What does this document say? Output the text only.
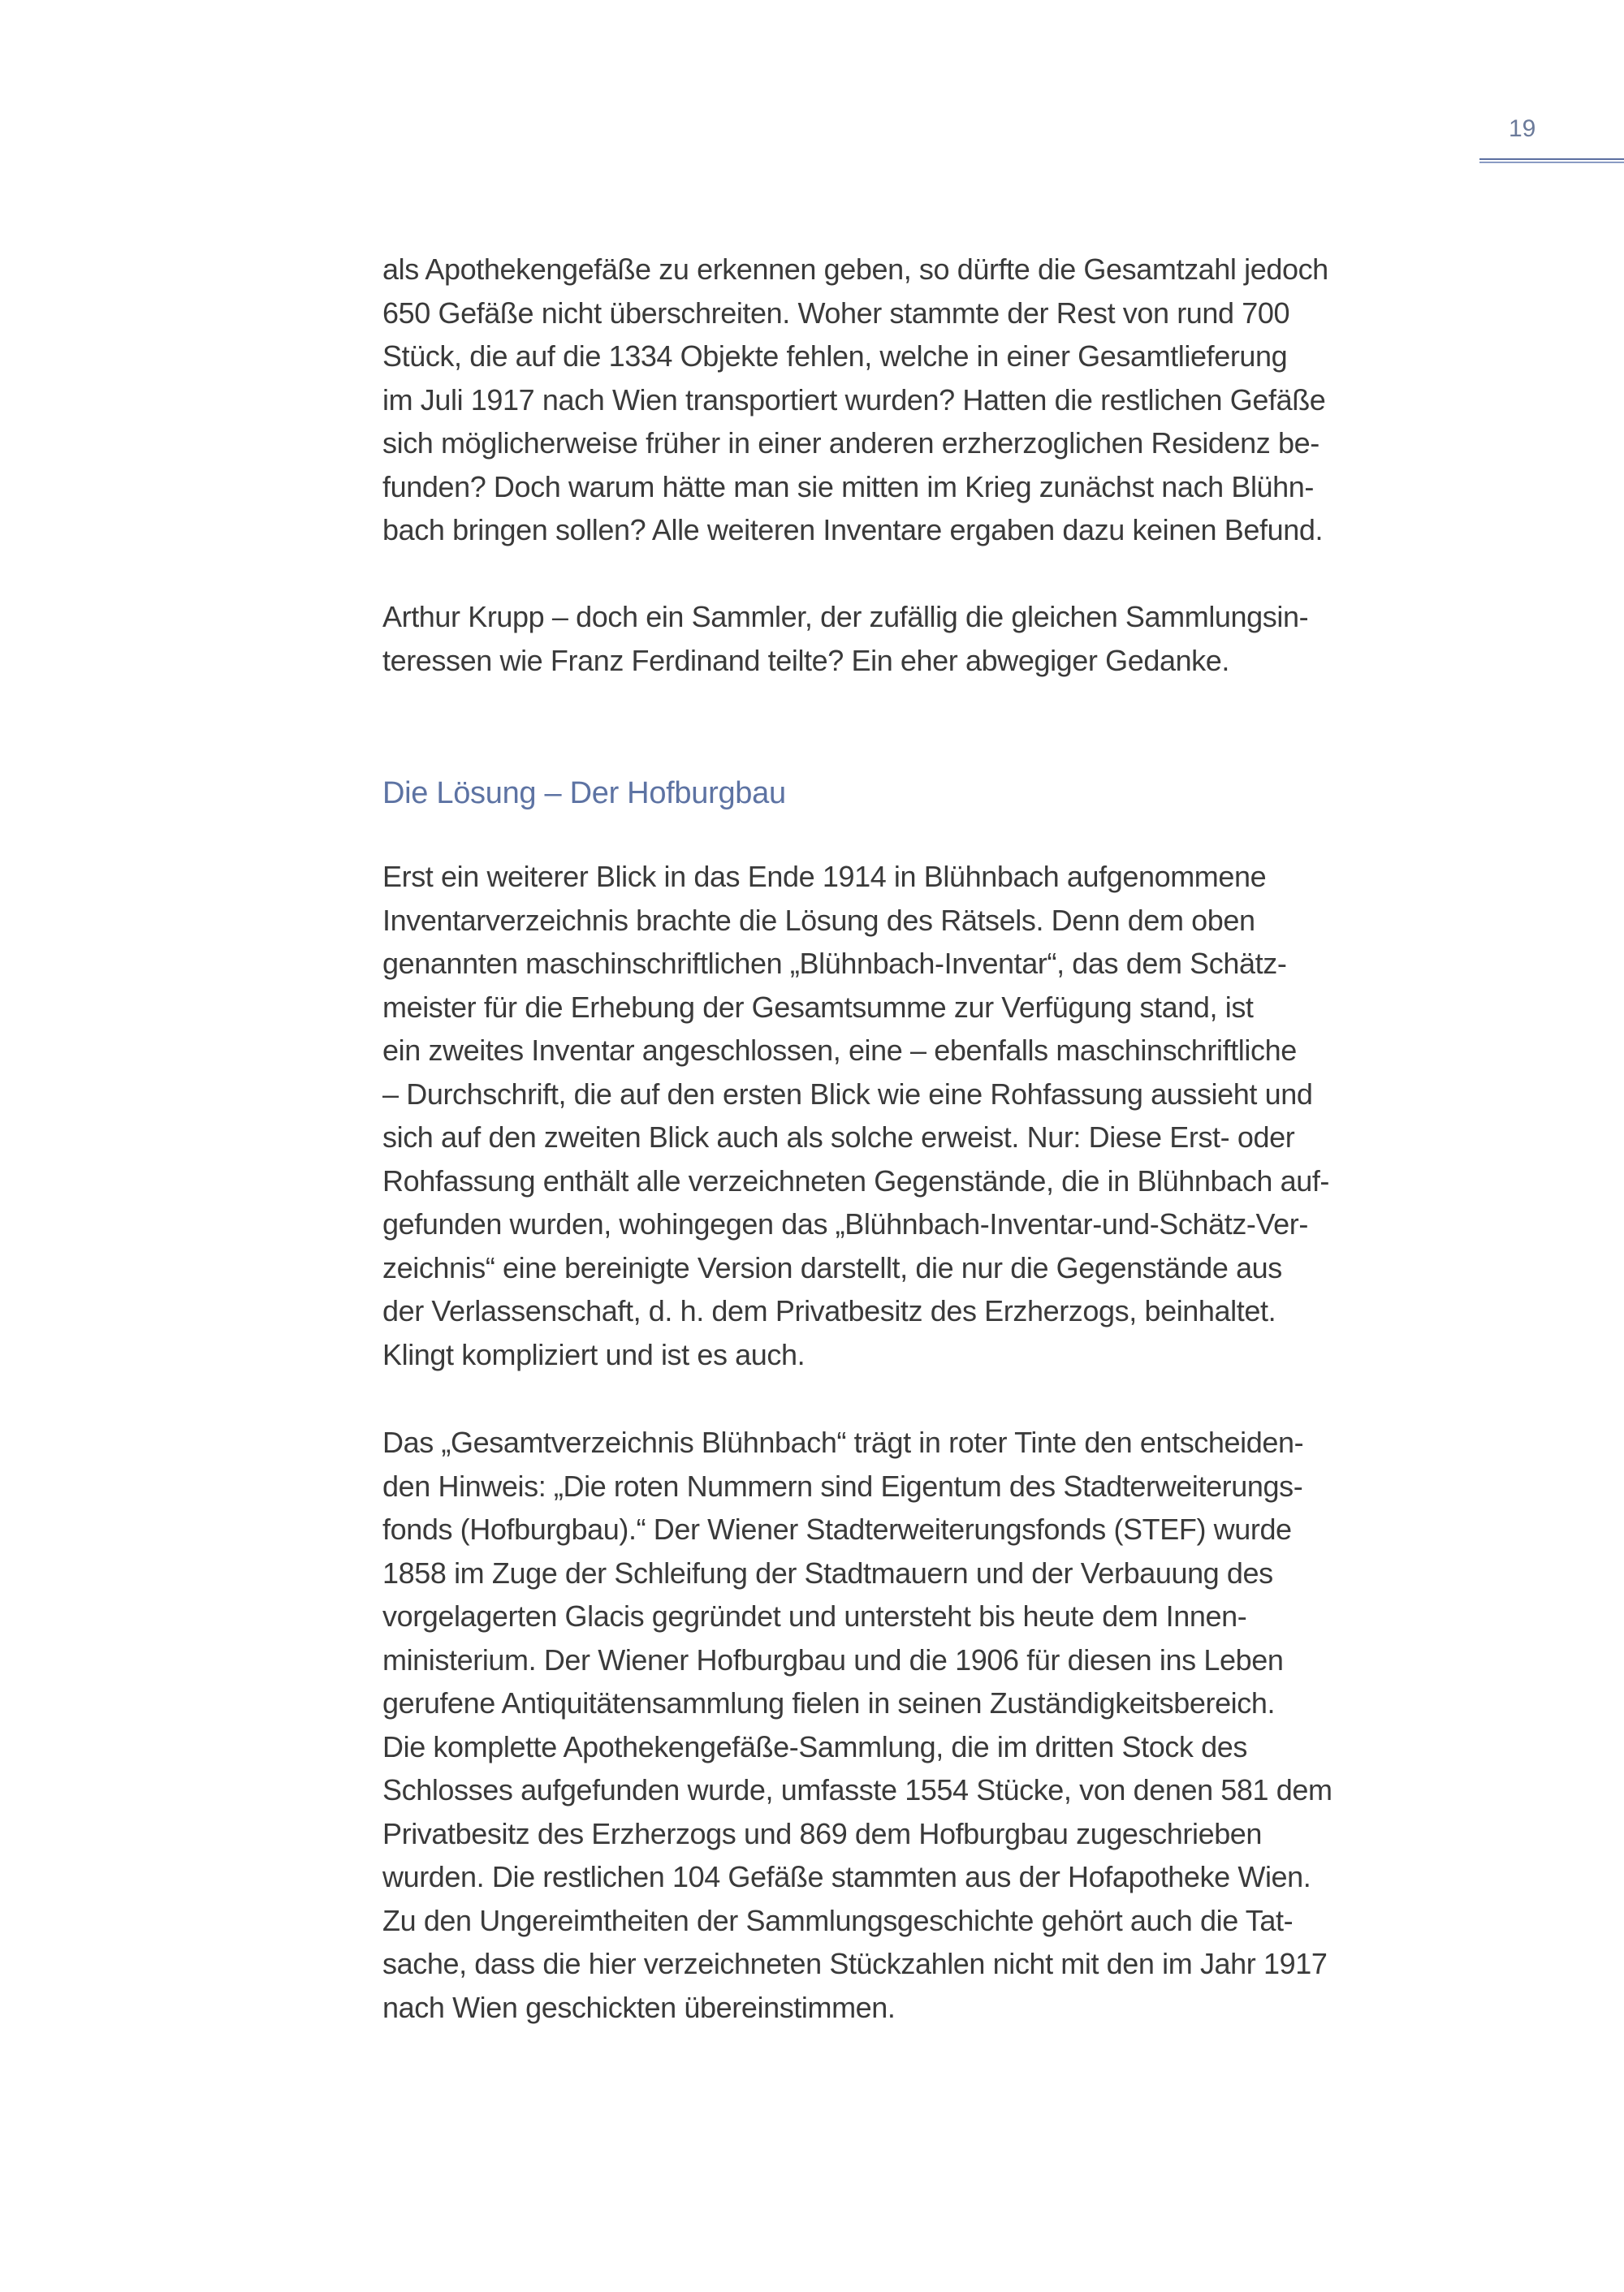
19
als Apothekengefäße zu erkennen geben, so dürfte die Gesamtzahl jedoch
650 Gefäße nicht überschreiten. Woher stammte der Rest von rund 700
Stück, die auf die 1334 Objekte fehlen, welche in einer Gesamtlieferung
im Juli 1917 nach Wien transportiert wurden? Hatten die restlichen Gefäße
sich möglicherweise früher in einer anderen erzherzoglichen Residenz be-
funden? Doch warum hätte man sie mitten im Krieg zunächst nach Blühn-
bach bringen sollen? Alle weiteren Inventare ergaben dazu keinen Befund.
Arthur Krupp – doch ein Sammler, der zufällig die gleichen Sammlungsin-
teressen wie Franz Ferdinand teilte? Ein eher abwegiger Gedanke.
Die Lösung – Der Hofburgbau
Erst ein weiterer Blick in das Ende 1914 in Blühnbach aufgenommene
Inventarverzeichnis brachte die Lösung des Rätsels. Denn dem oben
genannten maschinschriftlichen „Blühnbach-Inventar“, das dem Schätz-
meister für die Erhebung der Gesamtsumme zur Verfügung stand, ist
ein zweites Inventar angeschlossen, eine – ebenfalls maschinschriftliche
– Durchschrift, die auf den ersten Blick wie eine Rohfassung aussieht und
sich auf den zweiten Blick auch als solche erweist. Nur: Diese Erst- oder
Rohfassung enthält alle verzeichneten Gegenstände, die in Blühnbach auf-
gefunden wurden, wohingegen das „Blühnbach-Inventar-und-Schätz-Ver-
zeichnis“ eine bereinigte Version darstellt, die nur die Gegenstände aus
der Verlassenschaft, d. h. dem Privatbesitz des Erzherzogs, beinhaltet.
Klingt kompliziert und ist es auch.
Das „Gesamtverzeichnis Blühnbach“ trägt in roter Tinte den entscheiden-
den Hinweis: „Die roten Nummern sind Eigentum des Stadterweiterungs-
fonds (Hofburgbau).“ Der Wiener Stadterweiterungsfonds (STEF) wurde
1858 im Zuge der Schleifung der Stadtmauern und der Verbauung des
vorgelagerten Glacis gegründet und untersteht bis heute dem Innen-
ministerium. Der Wiener Hofburgbau und die 1906 für diesen ins Leben
gerufene Antiquitätensammlung fielen in seinen Zuständigkeitsbereich.
Die komplette Apothekengefäße-Sammlung, die im dritten Stock des
Schlosses aufgefunden wurde, umfasste 1554 Stücke, von denen 581 dem
Privatbesitz des Erzherzogs und 869 dem Hofburgbau zugeschrieben
wurden. Die restlichen 104 Gefäße stammten aus der Hofapotheke Wien.
Zu den Ungereimtheiten der Sammlungsgeschichte gehört auch die Tat-
sache, dass die hier verzeichneten Stückzahlen nicht mit den im Jahr 1917
nach Wien geschickten übereinstimmen.
